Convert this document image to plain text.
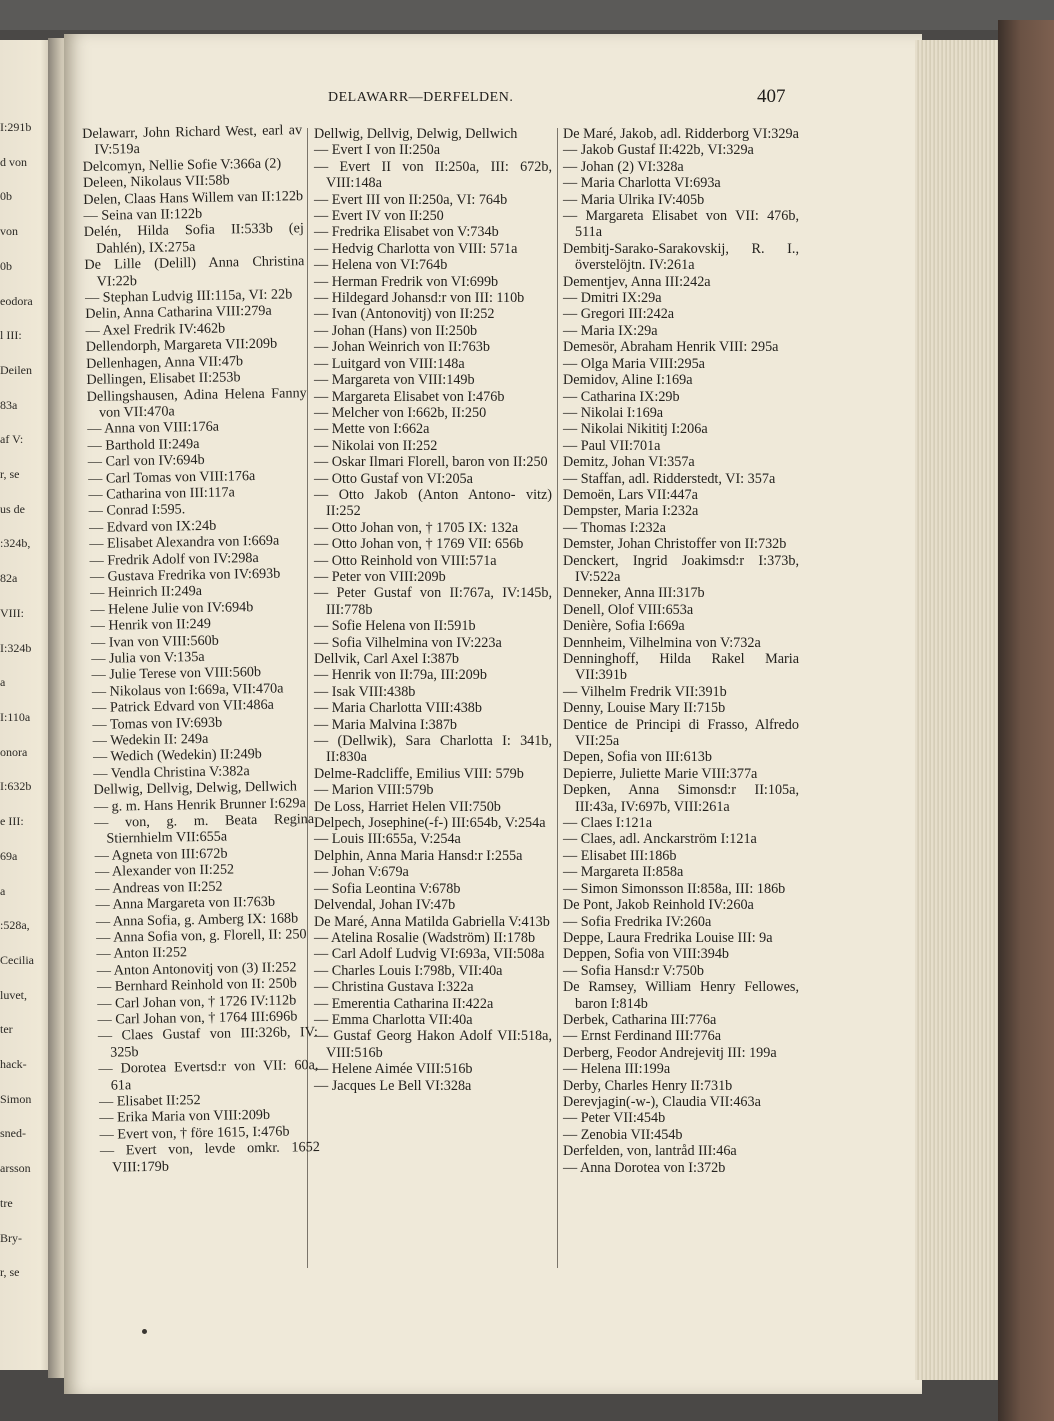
I:291b
d von
0b
von
0b
eodora
l III:
Deilen
83a
af V:
r, se
us de
:324b,
82a
VIII:
I:324b
a
I:110a
onora
I:632b
e III:
69a
a
:528a,
Cecilia
luvet,
ter
hack-
Simon
sned-
arsson
tre
Bry-
r, se
DELAWARR—DERFELDEN.	407

Delawarr, John Richard West, earl av IV:519a

Delcomyn, Nellie Sofie V:366a (2)

Deleen, Nikolaus VII:58b

Delen, Claas Hans Willem van II:122b

— Seina van II:122b

Delén, Hilda Sofia II:533b (ej Dahlén), IX:275a

De Lille (Delill) Anna Christina VI:22b

— Stephan Ludvig III:115a, VI: 22b

Delin, Anna Catharina VIII:279a

— Axel Fredrik IV:462b

Dellendorph, Margareta VII:209b

Dellenhagen, Anna VII:47b

Dellingen, Elisabet II:253b

Dellingshausen, Adina Helena Fanny von VII:470a

— Anna von VIII:176a

— Barthold II:249a

— Carl von IV:694b

— Carl Tomas von VIII:176a

— Catharina von III:117a

— Conrad I:595.

— Edvard von IX:24b

— Elisabet Alexandra von I:669a

— Fredrik Adolf von IV:298a

— Gustava Fredrika von IV:693b

— Heinrich II:249a

— Helene Julie von IV:694b

— Henrik von II:249

— Ivan von VIII:560b

— Julia von V:135a

— Julie Terese von VIII:560b

— Nikolaus von I:669a, VII:470a

— Patrick Edvard von VII:486a

— Tomas von IV:693b

— Wedekin II: 249a

— Wedich (Wedekin) II:249b

— Vendla Christina V:382a

Dellwig, Dellvig, Delwig, Dellwich

— g. m. Hans Henrik Brunner I:629a

— von, g. m. Beata Regina Stiernhielm VII:655a

— Agneta von III:672b

— Alexander von II:252

— Andreas von II:252

— Anna Margareta von II:763b

— Anna Sofia, g. Amberg IX: 168b

— Anna Sofia von, g. Florell, II: 250

— Anton II:252

— Anton Antonovitj von (3) II:252

— Bernhard Reinhold von II: 250b

— Carl Johan von, † 1726 IV:112b

— Carl Johan von, † 1764 III:696b

— Claes Gustaf von III:326b, IV: 325b

— Dorotea Evertsd:r von VII: 60a, 61a

— Elisabet II:252

— Erika Maria von VIII:209b

— Evert von, † före 1615, I:476b

— Evert von, levde omkr. 1652 VIII:179b

Dellwig, Dellvig, Delwig, Dellwich

— Evert I von II:250a

— Evert II von II:250a, III: 672b, VIII:148a

— Evert III von II:250a, VI: 764b

— Evert IV von II:250

— Fredrika Elisabet von V:734b

— Hedvig Charlotta von VIII: 571a

— Helena von VI:764b

— Herman Fredrik von VI:699b

— Hildegard Johansd:r von III: 110b

— Ivan (Antonovitj) von II:252

— Johan (Hans) von II:250b

— Johan Weinrich von II:763b

— Luitgard von VIII:148a

— Margareta von VIII:149b

— Margareta Elisabet von I:476b

— Melcher von I:662b, II:250

— Mette von I:662a

— Nikolai von II:252

— Oskar Ilmari Florell, baron von II:250

— Otto Gustaf von VI:205a

— Otto Jakob (Anton Antono- vitz) II:252

— Otto Johan von, † 1705 IX: 132a

— Otto Johan von, † 1769 VII: 656b

— Otto Reinhold von VIII:571a

— Peter von VIII:209b

— Peter Gustaf von II:767a, IV:145b, III:778b

— Sofie Helena von II:591b

— Sofia Vilhelmina von IV:223a

Dellvik, Carl Axel I:387b

— Henrik von II:79a, III:209b

— Isak VIII:438b

— Maria Charlotta VIII:438b

— Maria Malvina I:387b

— (Dellwik), Sara Charlotta I: 341b, II:830a

Delme-Radcliffe, Emilius VIII: 579b

— Marion VIII:579b

De Loss, Harriet Helen VII:750b

Delpech, Josephine(-f-) III:654b, V:254a

— Louis III:655a, V:254a

Delphin, Anna Maria Hansd:r I:255a

— Johan V:679a

— Sofia Leontina V:678b

Delvendal, Johan IV:47b

De Maré, Anna Matilda Gabriella V:413b

— Atelina Rosalie (Wadström) II:178b

— Carl Adolf Ludvig VI:693a, VII:508a

— Charles Louis I:798b, VII:40a

— Christina Gustava I:322a

— Emerentia Catharina II:422a

— Emma Charlotta VII:40a

— Gustaf Georg Hakon Adolf VII:518a, VIII:516b

— Helene Aimée VIII:516b

— Jacques Le Bell VI:328a

De Maré, Jakob, adl. Ridderborg VI:329a

— Jakob Gustaf II:422b, VI:329a

— Johan (2) VI:328a

— Maria Charlotta VI:693a

— Maria Ulrika IV:405b

— Margareta Elisabet von VII: 476b, 511a

Dembitj-Sarako-Sarakovskij, R. I., överstelöjtn. IV:261a

Dementjev, Anna III:242a

— Dmitri IX:29a

— Gregori III:242a

— Maria IX:29a

Demesör, Abraham Henrik VIII: 295a

— Olga Maria VIII:295a

Demidov, Aline I:169a

— Catharina IX:29b

— Nikolai I:169a

— Nikolai Nikititj I:206a

— Paul VII:701a

Demitz, Johan VI:357a

— Staffan, adl. Ridderstedt, VI: 357a

Demoën, Lars VII:447a

Dempster, Maria I:232a

— Thomas I:232a

Demster, Johan Christoffer von II:732b

Denckert, Ingrid Joakimsd:r I:373b, IV:522a

Denneker, Anna III:317b

Denell, Olof VIII:653a

Denière, Sofia I:669a

Dennheim, Vilhelmina von V:732a

Denninghoff, Hilda Rakel Maria VII:391b

— Vilhelm Fredrik VII:391b

Denny, Louise Mary II:715b

Dentice de Principi di Frasso, Alfredo VII:25a

Depen, Sofia von III:613b

Depierre, Juliette Marie VIII:377a

Depken, Anna Simonsd:r II:105a, III:43a, IV:697b, VIII:261a

— Claes I:121a

— Claes, adl. Anckarström I:121a

— Elisabet III:186b

— Margareta II:858a

— Simon Simonsson II:858a, III: 186b

De Pont, Jakob Reinhold IV:260a

— Sofia Fredrika IV:260a

Deppe, Laura Fredrika Louise III: 9a

Deppen, Sofia von VIII:394b

— Sofia Hansd:r V:750b

De Ramsey, William Henry Fellowes, baron I:814b

Derbek, Catharina III:776a

— Ernst Ferdinand III:776a

Derberg, Feodor Andrejevitj III: 199a

— Helena III:199a

Derby, Charles Henry II:731b

Derevjagin(-w-), Claudia VII:463a

— Peter VII:454b

— Zenobia VII:454b

Derfelden, von, lantråd III:46a

— Anna Dorotea von I:372b
